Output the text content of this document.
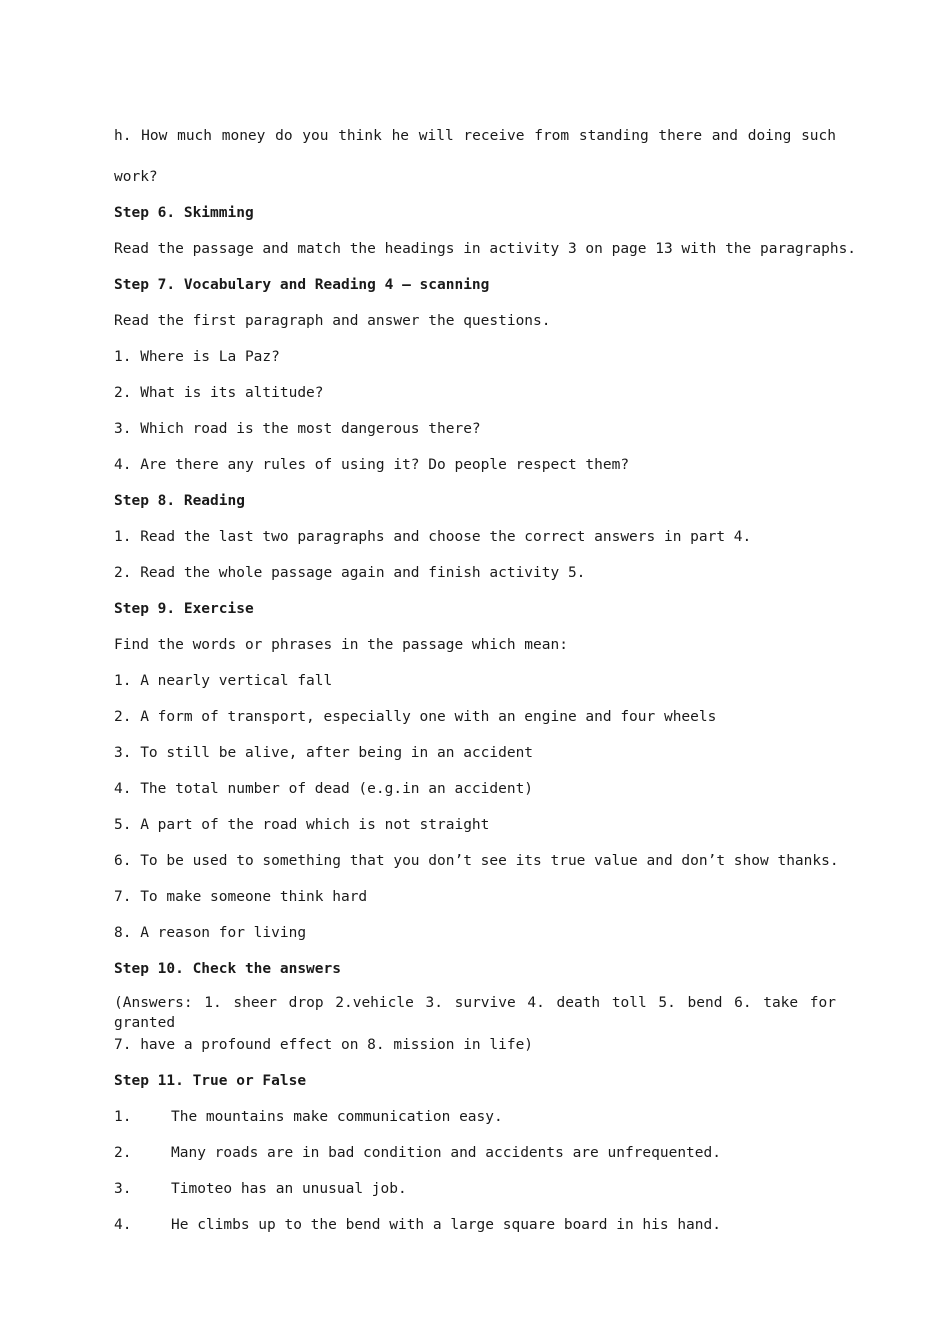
h. How much money do you think he will receive from standing there and doing such
work?
Step 6. Skimming
Read the passage and match the headings in activity 3 on page 13 with the paragraphs.
Step 7. Vocabulary and Reading 4 – scanning
Read the first paragraph and answer the questions.
1. Where is La Paz?
2. What is its altitude?
3. Which road is the most dangerous there?
4. Are there any rules of using it? Do people respect them?
Step 8. Reading
1. Read the last two paragraphs and choose the correct answers in part 4.
2. Read the whole passage again and finish activity 5.
Step 9. Exercise
Find the words or phrases in the passage which mean:
1. A nearly vertical fall
2. A form of transport, especially one with an engine and four wheels
3. To still be alive, after being in an accident
4. The total number of dead (e.g.in an accident)
5. A part of the road which is not straight
6. To be used to something that you don’t see its true value and don’t show thanks.
7. To make someone think hard
8. A reason for living
Step 10. Check the answers
(Answers: 1. sheer drop 2.vehicle 3. survive 4. death toll 5. bend 6. take for granted
7. have a profound effect on 8. mission in life)
Step 11. True or False
1.	The mountains make communication easy.
2.	Many roads are in bad condition and accidents are unfrequented.
3.	Timoteo has an unusual job.
4.	He climbs up to the bend with a large square board in his hand.
